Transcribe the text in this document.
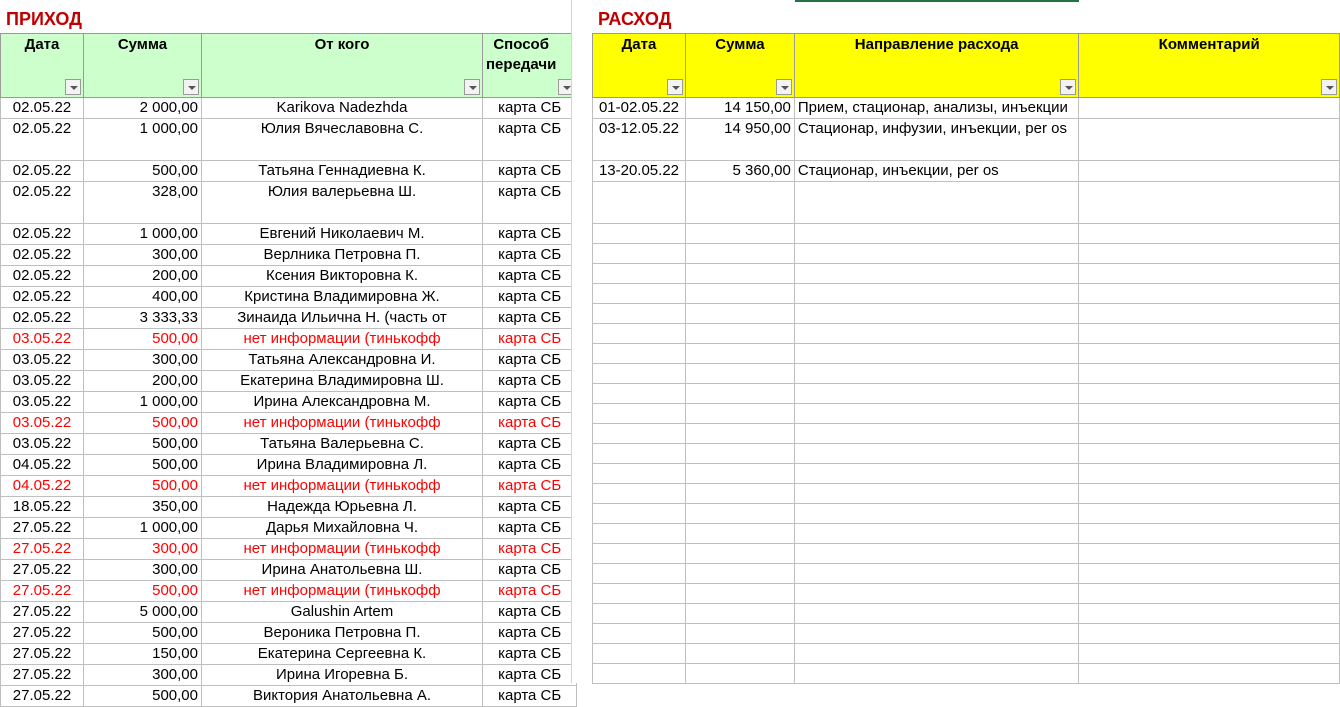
ПРИХОД	РАСХОД
Дата	Сумма	От кого	Способ передачи

02.05.22	2 000,00	Karikova Nadezhda	карта СБ
02.05.22	1 000,00	Юлия Вячеславовна С.	карта СБ
02.05.22	500,00	Татьяна Геннадиевна К.	карта СБ
02.05.22	328,00	Юлия валерьевна Ш.	карта СБ
02.05.22	1 000,00	Евгений Николаевич М.	карта СБ
02.05.22	300,00	Верлника Петровна П.	карта СБ
02.05.22	200,00	Ксения Викторовна К.	карта СБ
02.05.22	400,00	Кристина Владимировна Ж.	карта СБ
02.05.22	3 333,33	Зинаида Ильична Н. (часть от	карта СБ
03.05.22	500,00	нет информации (тинькофф	карта СБ
03.05.22	300,00	Татьяна Александровна И.	карта СБ
03.05.22	200,00	Екатерина Владимировна Ш.	карта СБ
03.05.22	1 000,00	Ирина Александровна М.	карта СБ
03.05.22	500,00	нет информации (тинькофф	карта СБ
03.05.22	500,00	Татьяна Валерьевна С.	карта СБ
04.05.22	500,00	Ирина Владимировна Л.	карта СБ
04.05.22	500,00	нет информации (тинькофф	карта СБ
18.05.22	350,00	Надежда Юрьевна Л.	карта СБ
27.05.22	1 000,00	Дарья Михайловна Ч.	карта СБ
27.05.22	300,00	нет информации (тинькофф	карта СБ
27.05.22	300,00	Ирина Анатольевна Ш.	карта СБ
27.05.22	500,00	нет информации (тинькофф	карта СБ
27.05.22	5 000,00	Galushin Artem	карта СБ
27.05.22	500,00	Вероника Петровна П.	карта СБ
27.05.22	150,00	Екатерина Сергеевна К.	карта СБ
27.05.22	300,00	Ирина Игоревна Б.	карта СБ
27.05.22	500,00	Виктория Анатольевна А.	карта СБ
Дата	Сумма	Направление расхода	Комментарий

01-02.05.22	14 150,00	Прием, стационар, анализы, инъекции	
03-12.05.22	14 950,00	Стационар, инфузии, инъекции, per os	
13-20.05.22	5 360,00	Стационар, инъекции, per os	
